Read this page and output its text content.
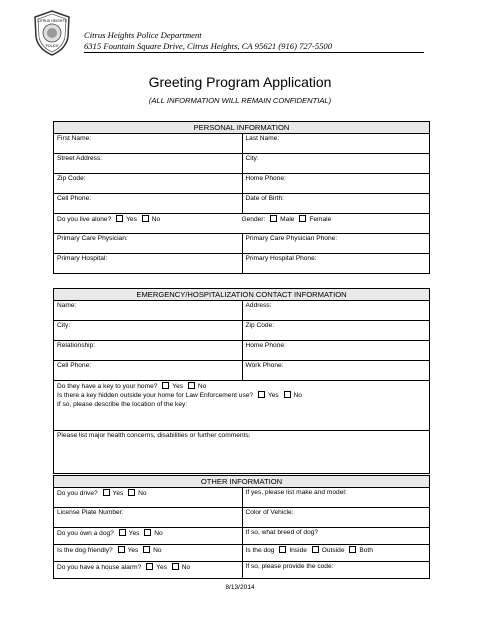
CITRUS HEIGHTS
POLICE
Citrus Heights Police Department
6315 Fountain Square Drive, Citrus Heights, CA 95621 (916) 727-5500
Greeting Program Application
(ALL INFORMATION WILL REMAIN CONFIDENTIAL)
PERSONAL INFORMATION
First Name:	Last Name:
Street Address:	City:
Zip Code:	Home Phone:
Cell Phone:	Date of Birth:
Do you live alone? Yes No	Gender: Male Female
Primary Care Physician:	Primary Care Physician Phone:
Primary Hospital:	Primary Hospital Phone:
EMERGENCY/HOSPITALIZATION CONTACT INFORMATION
Name:	Address:
City:	Zip Code:
Relationship:	Home Phone:
Cell Phone:	Work Phone:
Do they have a key to your home? Yes No
Is there a key hidden outside your home for Law Enforcement use? Yes No
If so, please describe the location of the key:
Please list major health concerns, disabilities or further comments:
OTHER INFORMATION
Do you drive? Yes No	If yes, please list make and model:
License Plate Number:	Color of Vehicle:
Do you own a dog? Yes No	If so, what breed of dog?
Is the dog friendly? Yes No	Is the dog Inside Outside Both
Do you have a house alarm? Yes No	If so, please provide the code:
8/13/2014
